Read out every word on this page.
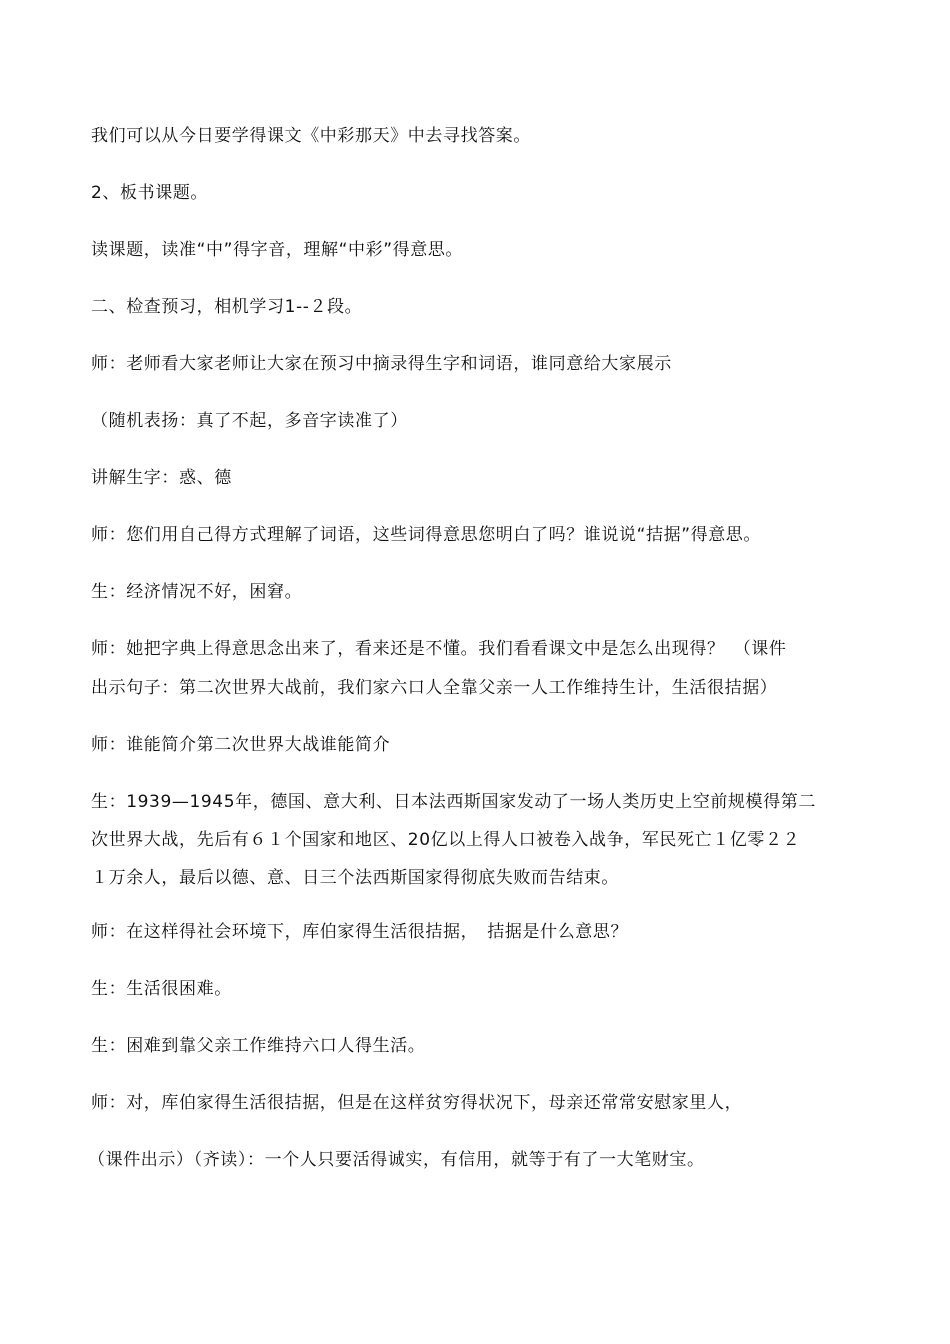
我们可以从今日要学得课文《中彩那天》中去寻找答案。
2、板书课题。
读课题，读准“中”得字音，理解“中彩”得意思。
二、检查预习，相机学习1--２段。
师：老师看大家老师让大家在预习中摘录得生字和词语，谁同意给大家展示
（随机表扬：真了不起，多音字读准了）
讲解生字：惑、德
师：您们用自己得方式理解了词语，这些词得意思您明白了吗？谁说说“拮据”得意思。
生：经济情况不好，困窘。
师：她把字典上得意思念出来了，看来还是不懂。我们看看课文中是怎么出现得？　（课件
出示句子：第二次世界大战前，我们家六口人全靠父亲一人工作维持生计，生活很拮据）
师：谁能简介第二次世界大战谁能简介
生：1939—1945年，德国、意大利、日本法西斯国家发动了一场人类历史上空前规模得第二
次世界大战，先后有６１个国家和地区、20亿以上得人口被卷入战争，军民死亡１亿零２２
１万余人，最后以德、意、日三个法西斯国家得彻底失败而告结束。
师：在这样得社会环境下，库伯家得生活很拮据，　拮据是什么意思？
生：生活很困难。
生：困难到靠父亲工作维持六口人得生活。
师：对，库伯家得生活很拮据，但是在这样贫穷得状况下，母亲还常常安慰家里人，
（课件出示）（齐读）：一个人只要活得诚实，有信用，就等于有了一大笔财宝。
